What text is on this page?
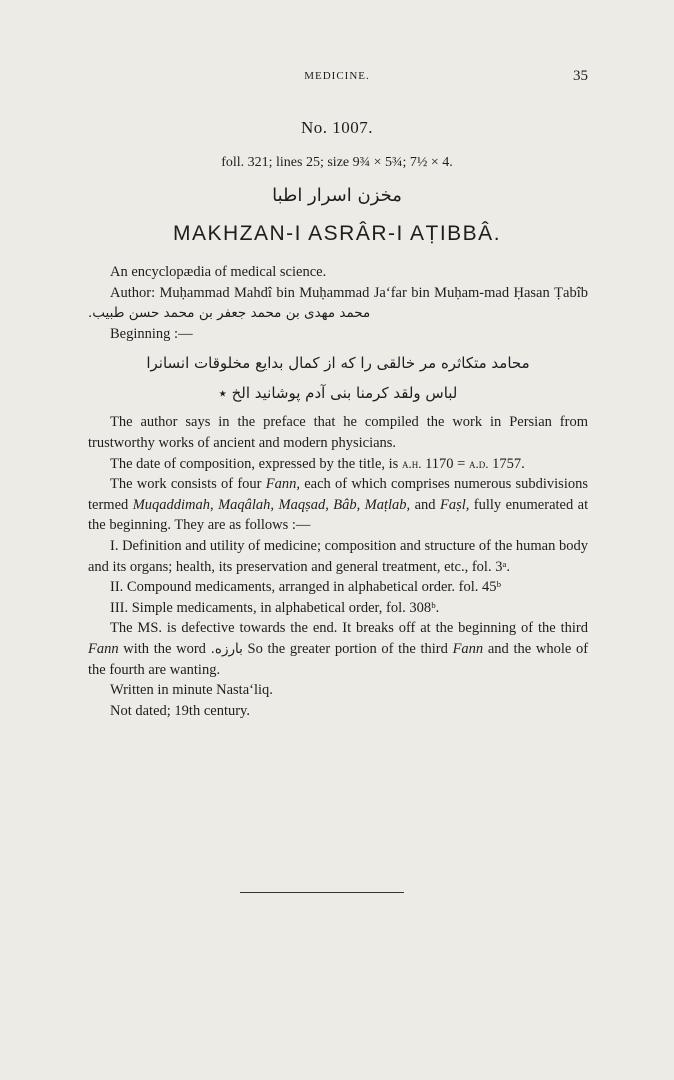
MEDICINE.	35
No. 1007.
foll. 321; lines 25; size 9¾ × 5¾; 7½ × 4.
مخزن اسرار اطبا
MAKHZAN-I ASRÂR-I AṬIBBÂ.

An encyclopædia of medical science.

Author: Muḥammad Mahdî bin Muḥammad Ja‘far bin Muḥam-mad Ḥasan Ṭabîb محمد مهدی بن محمد جعفر بن محمد حسن طبیب.

Beginning :—

محامد متکاثره مر خالقی را که از کمال بدایع مخلوقات انسانرا
لباس ولقد کرمنا بنی آدم پوشانید الخ ٭

The author says in the preface that he compiled the work in Persian from trustworthy works of ancient and modern physicians.

The date of composition, expressed by the title, is a.h. 1170 = a.d. 1757.

The work consists of four Fann, each of which comprises numerous subdivisions termed Muqaddimah, Maqâlah, Maqṣad, Bâb, Maṭlab, and Faṣl, fully enumerated at the beginning. They are as follows :—

I. Definition and utility of medicine; composition and structure of the human body and its organs; health, its preservation and general treatment, etc., fol. 3ᵃ.

II. Compound medicaments, arranged in alphabetical order. fol. 45ᵇ

III. Simple medicaments, in alphabetical order, fol. 308ᵇ.

The MS. is defective towards the end. It breaks off at the beginning of the third Fann with the word بارزه. So the greater portion of the third Fann and the whole of the fourth are wanting.

Written in minute Nasta‘liq.

Not dated; 19th century.
